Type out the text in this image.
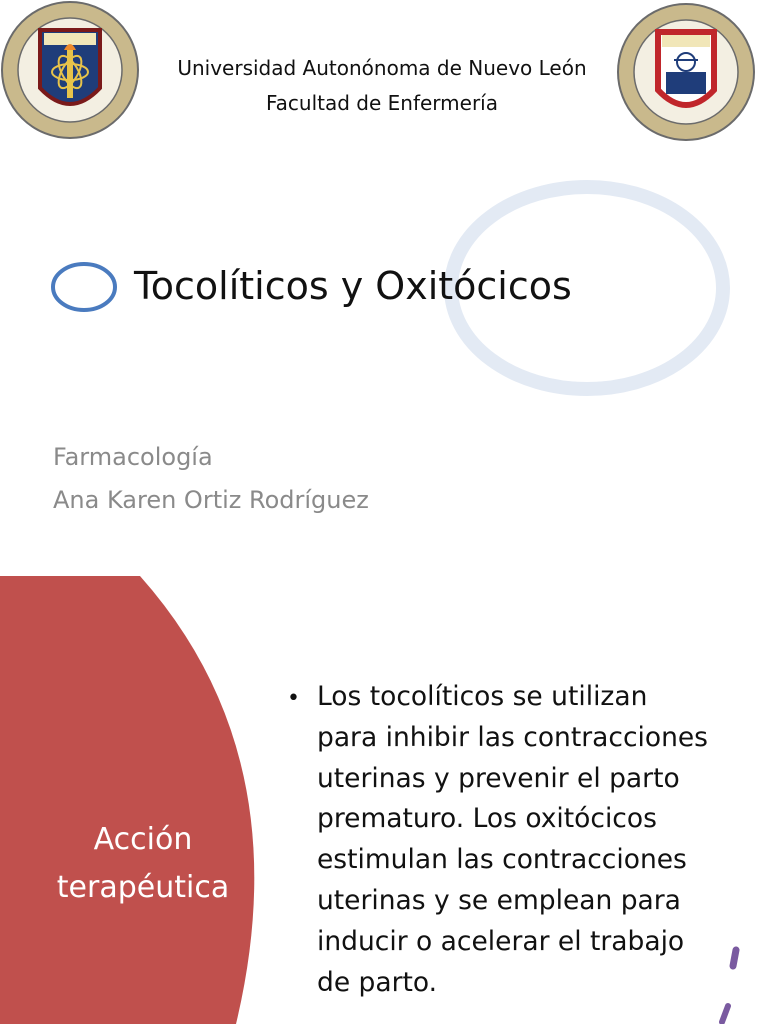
Universidad Autonónoma de Nuevo León
Facultad de Enfermería
Tocolíticos y Oxitócicos
Farmacología
Ana Karen Ortiz Rodríguez
Acción terapéutica
• Los tocolíticos se utilizan para inhibir las contracciones uterinas y prevenir el parto prematuro. Los oxitócicos estimulan las contracciones uterinas y se emplean para inducir o acelerar el trabajo de parto.
